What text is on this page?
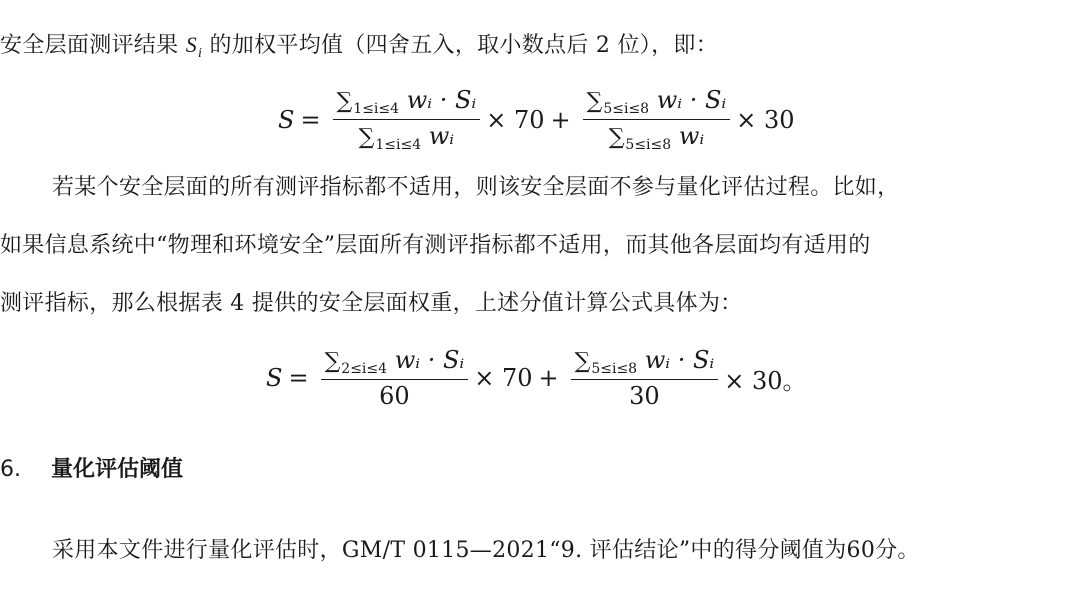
安全层面测评结果 $S_i$ 的加权平均值（四舍五入，取小数点后 2 位），即：
$S = \frac{\sum_{1\le i\le 4} wᵢ \cdot Sᵢ}{\sum_{1\le i\le 4} wᵢ} \times 70 + \frac{\sum_{5\le i\le 8} wᵢ \cdot Sᵢ}{\sum_{5\le i\le 8} wᵢ} \times 30$
若某个安全层面的所有测评指标都不适用，则该安全层面不参与量化评估过程。比如，
如果信息系统中“物理和环境安全”层面所有测评指标都不适用，而其他各层面均有适用的
测评指标，那么根据表 4 提供的安全层面权重，上述分值计算公式具体为：
$S = \frac{\sum_{2\le i\le 4} wᵢ \cdot Sᵢ}{60} \times 70 + \frac{\sum_{5\le i\le 8} wᵢ \cdot Sᵢ}{30} \times 30$。
6. 量化评估阈值
采用本文件进行量化评估时，GM/T 0115—2021“9. 评估结论”中的得分阈值为60分。
